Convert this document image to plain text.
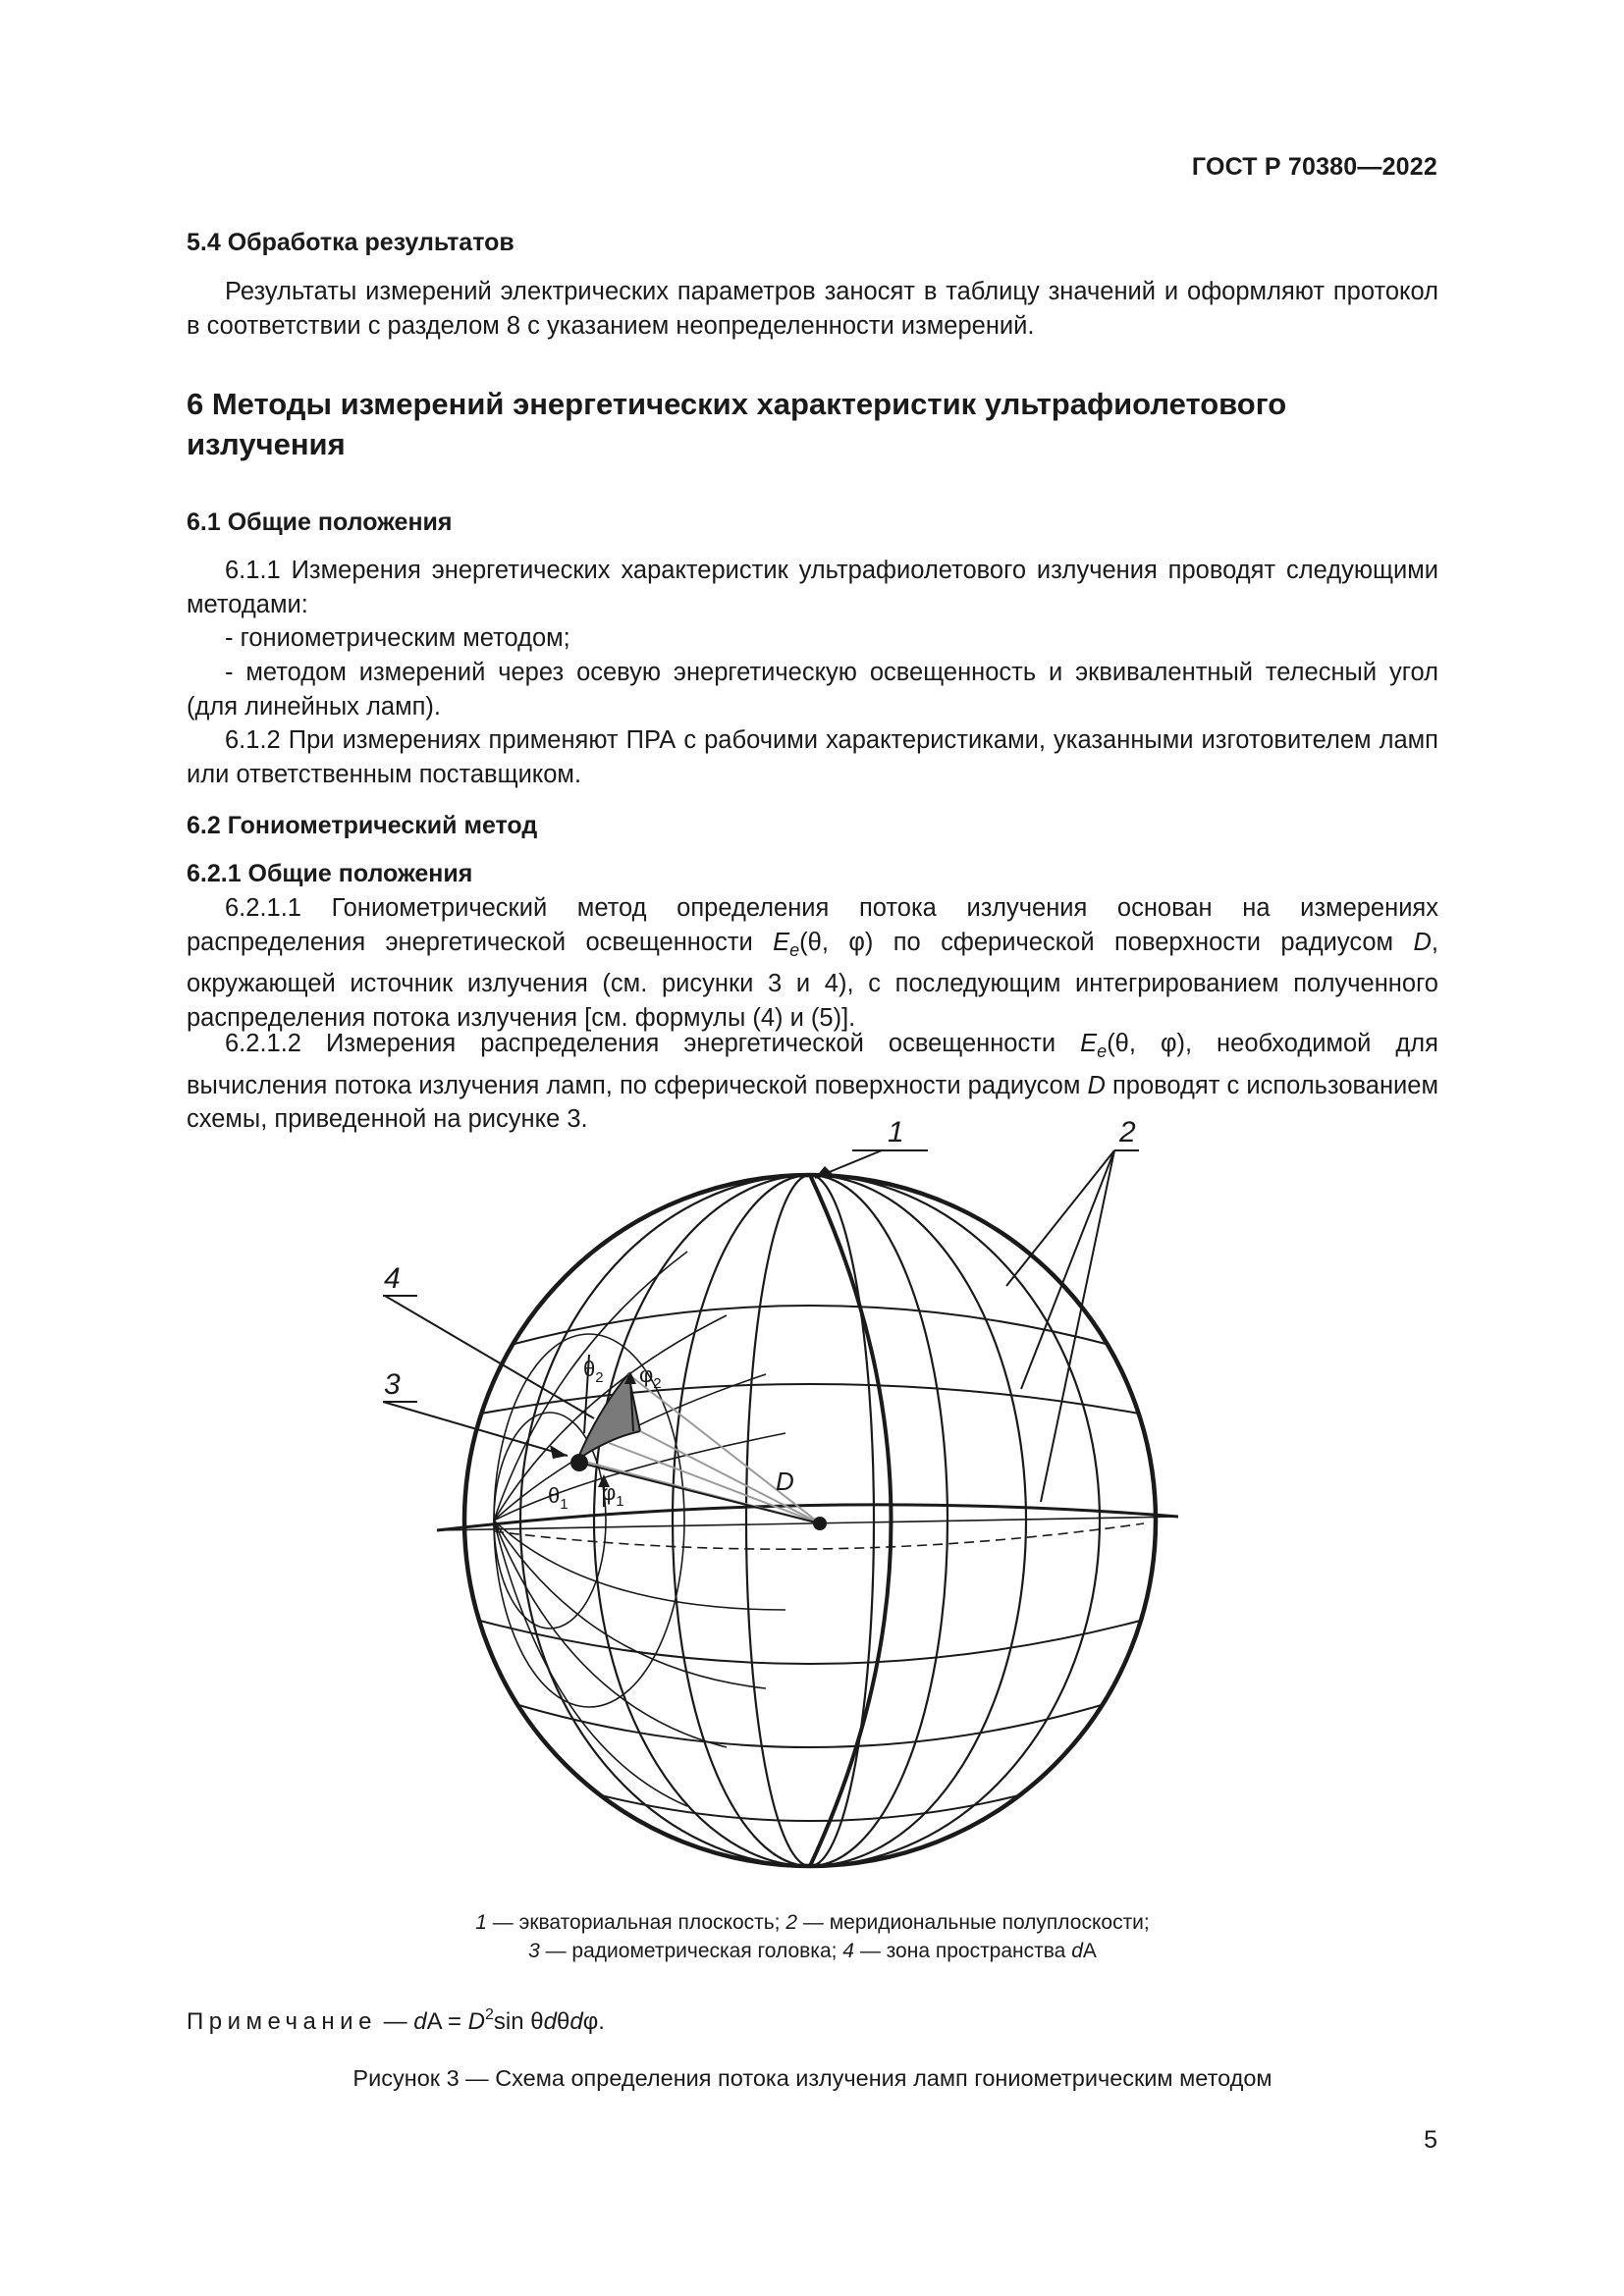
ГОСТ Р 70380—2022
5.4 Обработка результатов
Результаты измерений электрических параметров заносят в таблицу значений и оформляют протокол в соответствии с разделом 8 с указанием неопределенности измерений.
6 Методы измерений энергетических характеристик ультрафиолетового излучения
6.1 Общие положения
6.1.1 Измерения энергетических характеристик ультрафиолетового излучения проводят следующими методами:
- гониометрическим методом;
- методом измерений через осевую энергетическую освещенность и эквивалентный телесный угол (для линейных ламп).
6.1.2 При измерениях применяют ПРА с рабочими характеристиками, указанными изготовителем ламп или ответственным поставщиком.
6.2 Гониометрический метод
6.2.1 Общие положения
6.2.1.1 Гониометрический метод определения потока излучения основан на измерениях распределения энергетической освещенности $E_e(\theta$, φ) по сферической поверхности радиусом D, окружающей источник излучения (см. рисунки 3 и 4), с последующим интегрированием полученного распределения потока излучения [см. формулы (4) и (5)].
6.2.1.2 Измерения распределения энергетической освещенности $E_e(\theta$, φ), необходимой для вычисления потока излучения ламп, по сферической поверхности радиусом D проводят с использованием схемы, приведенной на рисунке 3.	1	2
4
3
D
$\theta_1$ $\varphi_1$
$\theta_2$ $\varphi_2$
1 — экваториальная плоскость; 2 — меридиональные полуплоскости;
3 — радиометрическая головка; 4 — зона пространства dA
Примечание — dA = $D^2\sin$ θdθdφ.
Рисунок 3 — Схема определения потока излучения ламп гониометрическим методом
5
